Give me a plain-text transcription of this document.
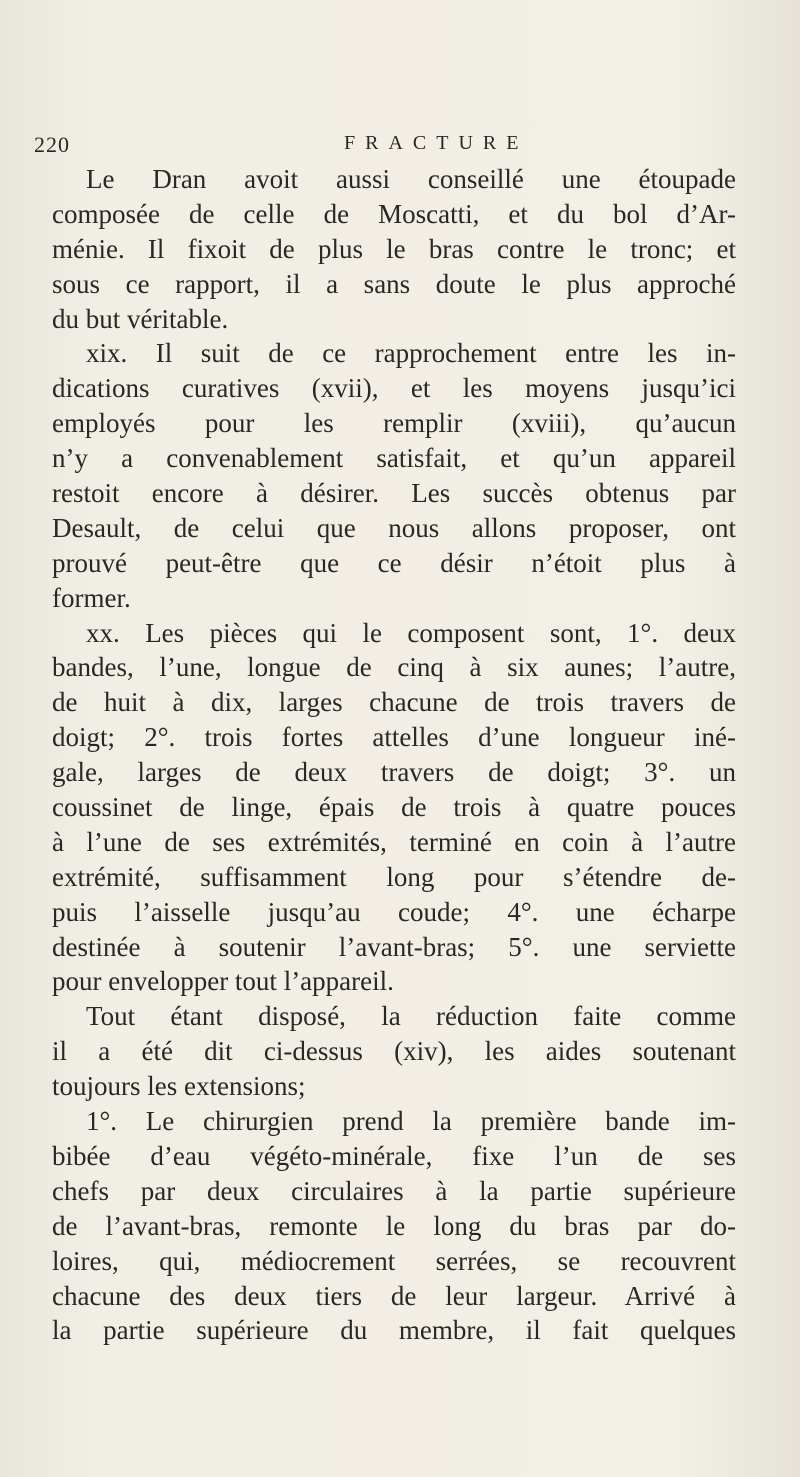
220	FRACTURE
Le Dran avoit aussi conseillé une étoupade
composée de celle de Moscatti, et du bol d’Ar-
ménie. Il fixoit de plus le bras contre le tronc; et
sous ce rapport, il a sans doute le plus approché
du but véritable.
xix. Il suit de ce rapprochement entre les in-
dications curatives (xvii), et les moyens jusqu’ici
employés pour les remplir (xviii), qu’aucun
n’y a convenablement satisfait, et qu’un appareil
restoit encore à désirer. Les succès obtenus par
Desault, de celui que nous allons proposer, ont
prouvé peut-être que ce désir n’étoit plus à
former.
xx. Les pièces qui le composent sont, 1°. deux
bandes, l’une, longue de cinq à six aunes; l’autre,
de huit à dix, larges chacune de trois travers de
doigt; 2°. trois fortes attelles d’une longueur iné-
gale, larges de deux travers de doigt; 3°. un
coussinet de linge, épais de trois à quatre pouces
à l’une de ses extrémités, terminé en coin à l’autre
extrémité, suffisamment long pour s’étendre de-
puis l’aisselle jusqu’au coude; 4°. une écharpe
destinée à soutenir l’avant-bras; 5°. une serviette
pour envelopper tout l’appareil.
Tout étant disposé, la réduction faite comme
il a été dit ci-dessus (xiv), les aides soutenant
toujours les extensions;
1°. Le chirurgien prend la première bande im-
bibée d’eau végéto-minérale, fixe l’un de ses
chefs par deux circulaires à la partie supérieure
de l’avant-bras, remonte le long du bras par do-
loires, qui, médiocrement serrées, se recouvrent
chacune des deux tiers de leur largeur. Arrivé à
la partie supérieure du membre, il fait quelques
